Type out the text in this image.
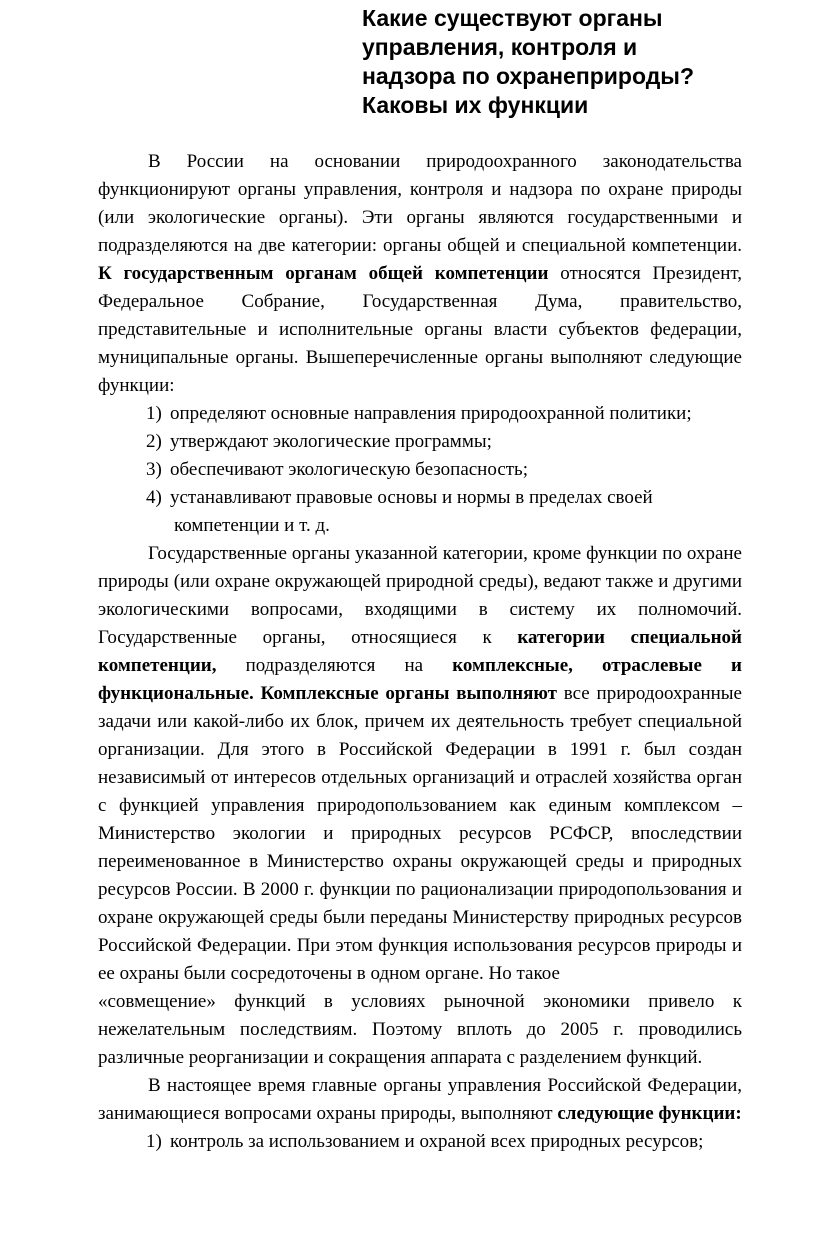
Какие существуют органы
управления, контроля и
надзора по охранеприроды?
Каковы их функции

В России на основании природоохранного законодательства функционируют органы управления, контроля и надзора по охране природы (или экологические органы). Эти органы являются государственными и подразделяются на две категории: органы общей и специальной компетенции. К государственным органам общей компетенции относятся Президент, Федеральное Собрание, Государственная Дума, правительство, представительные и исполнительные органы власти субъектов федерации, муниципальные органы. Вышеперечисленные органы выполняют следующие функции:

1) определяют основные направления природоохранной политики;
2) утверждают экологические программы;
3) обеспечивают экологическую безопасность;
4) устанавливают правовые основы и нормы в пределах своей
компетенции и т. д.

Государственные органы указанной категории, кроме функции по охране природы (или охране окружающей природной среды), ведают также и другими экологическими вопросами, входящими в систему их полномочий. Государственные органы, относящиеся к категории специальной компетенции, подразделяются на комплексные, отраслевые и функциональные. Комплексные органы выполняют все природоохранные задачи или какой-либо их блок, причем их деятельность требует специальной организации. Для этого в Российской Федерации в 1991 г. был создан независимый от интересов отдельных организаций и отраслей хозяйства орган с функцией управления природопользованием как единым комплексом – Министерство экологии и природных ресурсов РСФСР, впоследствии переименованное в Министерство охраны окружающей среды и природных ресурсов России. В 2000 г. функции по рационализации природопользования и охране окружающей среды были переданы Министерству природных ресурсов Российской Федерации. При этом функция использования ресурсов природы и ее охраны были сосредоточены в одном органе. Но такое

«совмещение» функций в условиях рыночной экономики привело к нежелательным последствиям. Поэтому вплоть до 2005 г. проводились различные реорганизации и сокращения аппарата с разделением функций.

В настоящее время главные органы управления Российской Федерации, занимающиеся вопросами охраны природы, выполняют следующие функции:

1) контроль за использованием и охраной всех природных ресурсов;
